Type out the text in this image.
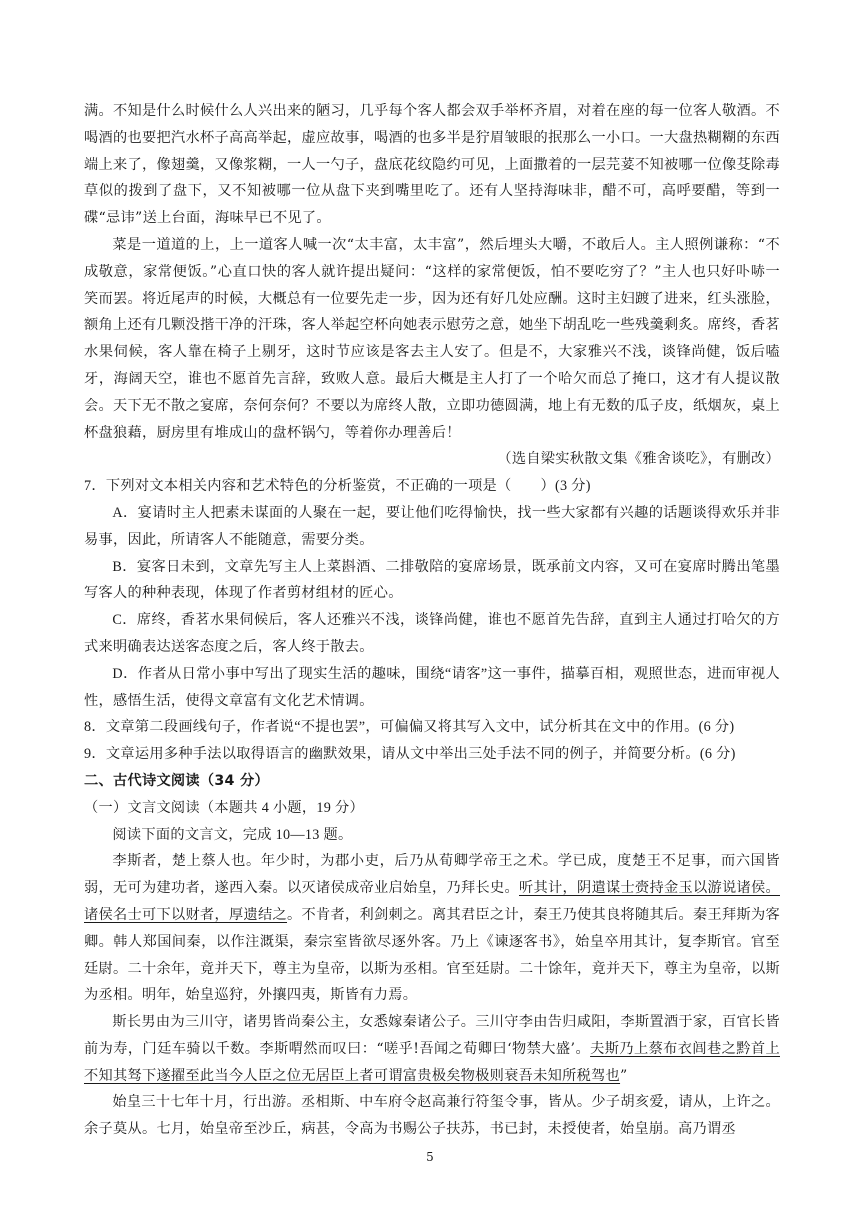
满。不知是什么时候什么人兴出来的陋习，几乎每个客人都会双手举杯齐眉，对着在座的每一位客人敬酒。不喝酒的也要把汽水杯子高高举起，虚应故事，喝酒的也多半是狞眉皱眼的抿那么一小口。一大盘热糊糊的东西端上来了，像翅羹，又像浆糊，一人一勺子，盘底花纹隐约可见，上面撒着的一层芫荽不知被哪一位像芟除毒草似的拨到了盘下，又不知被哪一位从盘下夹到嘴里吃了。还有人坚持海味非，醋不可，高呼要醋，等到一碟“忌讳”送上台面，海味早已不见了。

菜是一道道的上，上一道客人喊一次“太丰富，太丰富”，然后埋头大嚼，不敢后人。主人照例谦称：“不成敬意，家常便饭。”心直口快的客人就许提出疑问：“这样的家常便饭，怕不要吃穷了？”主人也只好卟哧一笑而罢。将近尾声的时候，大概总有一位要先走一步，因为还有好几处应酬。这时主妇踱了进来，红头涨脸，额角上还有几颗没揩干净的汗珠，客人举起空杯向她表示慰劳之意，她坐下胡乱吃一些残羹剩炙。席终，香茗水果伺候，客人靠在椅子上剔牙，这时节应该是客去主人安了。但是不，大家雅兴不浅，谈锋尚健，饭后嗑牙，海阔天空，谁也不愿首先言辞，致败人意。最后大概是主人打了一个哈欠而总了掩口，这才有人提议散会。天下无不散之宴席，奈何奈何？不要以为席终人散，立即功德圆满，地上有无数的瓜子皮，纸烟灰，桌上杯盘狼藉，厨房里有堆成山的盘杯锅勺，等着你办理善后！

（选自梁实秋散文集《雅舍谈吃》，有删改）

7．下列对文本相关内容和艺术特色的分析鉴赏，不正确的一项是（　　）(3 分)

A．宴请时主人把素未谋面的人聚在一起，要让他们吃得愉快，找一些大家都有兴趣的话题谈得欢乐并非易事，因此，所请客人不能随意，需要分类。

B．宴客日未到，文章先写主人上菜斟酒、二排敬陪的宴席场景，既承前文内容，又可在宴席时腾出笔墨写客人的种种表现，体现了作者剪材组材的匠心。

C．席终，香茗水果伺候后，客人还雅兴不浅，谈锋尚健，谁也不愿首先告辞，直到主人通过打哈欠的方式来明确表达送客态度之后，客人终于散去。

D．作者从日常小事中写出了现实生活的趣味，围绕“请客”这一事件，描摹百相，观照世态，进而审视人性，感悟生活，使得文章富有文化艺术情调。

8．文章第二段画线句子，作者说“不提也罢”，可偏偏又将其写入文中，试分析其在文中的作用。(6 分)

9．文章运用多种手法以取得语言的幽默效果，请从文中举出三处手法不同的例子，并简要分析。(6 分)

二、古代诗文阅读（34 分）

（一）文言文阅读（本题共 4 小题，19 分）

阅读下面的文言文，完成 10—13 题。

李斯者，楚上蔡人也。年少时，为郡小吏，后乃从荀卿学帝王之术。学已成，度楚王不足事，而六国皆弱，无可为建功者，遂西入秦。以灭诸侯成帝业启始皇，乃拜长史。听其计，阴遣谋士赍持金玉以游说诸侯。诸侯名士可下以财者，厚遗结之。不肯者，利剑刺之。离其君臣之计，秦王乃使其良将随其后。秦王拜斯为客卿。韩人郑国间秦，以作注溉渠，秦宗室皆欲尽逐外客。乃上《谏逐客书》，始皇卒用其计，复李斯官。官至廷尉。二十余年，竟并天下，尊主为皇帝，以斯为丞相。官至廷尉。二十馀年，竟并天下，尊主为皇帝，以斯为丞相。明年，始皇巡狩，外攘四夷，斯皆有力焉。

斯长男由为三川守，诸男皆尚秦公主，女悉嫁秦诸公子。三川守李由告归咸阳，李斯置酒于家，百官长皆前为寿，门廷车骑以千数。李斯喟然而叹曰：“嗟乎!吾闻之荀卿曰‘物禁大盛’。夫斯乃上蔡布衣闾巷之黔首上不知其驽下遂擢至此当今人臣之位无居臣上者可谓富贵极矣物极则衰吾未知所税驾也”

始皇三十七年十月，行出游。丞相斯、中车府令赵高兼行符玺令事，皆从。少子胡亥爱，请从，上许之。余子莫从。七月，始皇帝至沙丘，病甚，令高为书赐公子扶苏，书已封，未授使者，始皇崩。高乃谓丞

5
